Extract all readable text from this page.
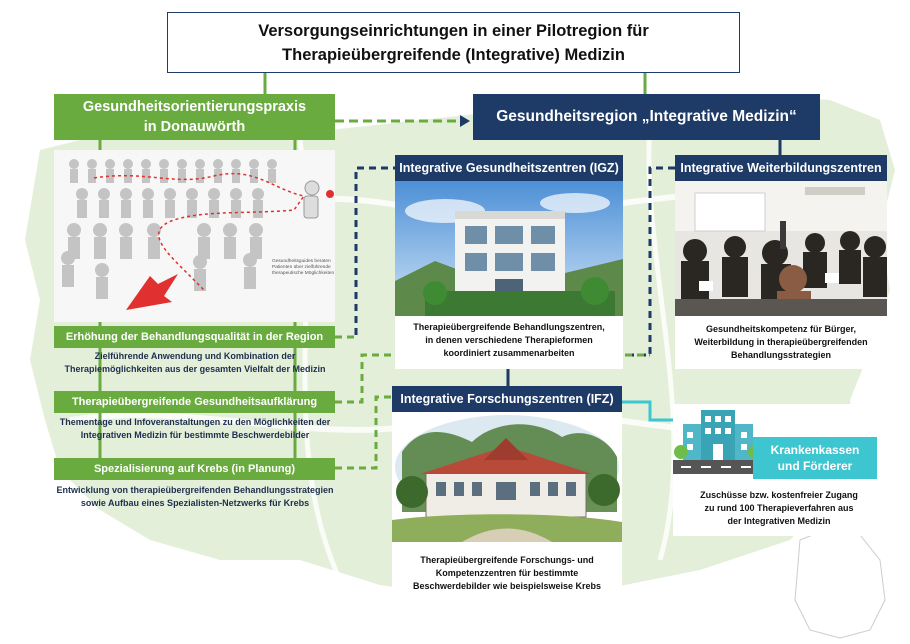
Versorgungseinrichtungen in einer Pilotregion für
Therapieübergreifende (Integrative) Medizin
Gesundheitsorientierungspraxis
in Donauwörth
Gesundheitsguides beraten
Patienten über zielführende
therapeutische Möglichkeiten
Erhöhung der Behandlungsqualität in der Region
Zielführende Anwendung und Kombination der
Therapiemöglichkeiten aus der gesamten Vielfalt der Medizin
Therapieübergreifende Gesundheitsaufklärung
Thementage und Infoveranstaltungen zu den Möglichkeiten der
Integrativen Medizin für bestimmte Beschwerdebilder
Spezialisierung auf Krebs (in Planung)
Entwicklung von therapieübergreifenden Behandlungsstrategien
sowie Aufbau eines Spezialisten-Netzwerks für Krebs
Gesundheitsregion „Integrative Medizin“
Integrative Gesundheitszentren (IGZ)
Therapieübergreifende Behandlungszentren,
in denen verschiedene Therapieformen
koordiniert zusammenarbeiten
Integrative Weiterbildungszentren
Gesundheitskompetenz für Bürger,
Weiterbildung in therapieübergreifenden
Behandlungsstrategien
Integrative Forschungszentren (IFZ)
Therapieübergreifende Forschungs- und
Kompetenzzentren für bestimmte
Beschwerdebilder wie beispielsweise Krebs
Krankenkassen
und Förderer
Zuschüsse bzw. kostenfreier Zugang
zu rund 100 Therapieverfahren aus
der Integrativen Medizin
